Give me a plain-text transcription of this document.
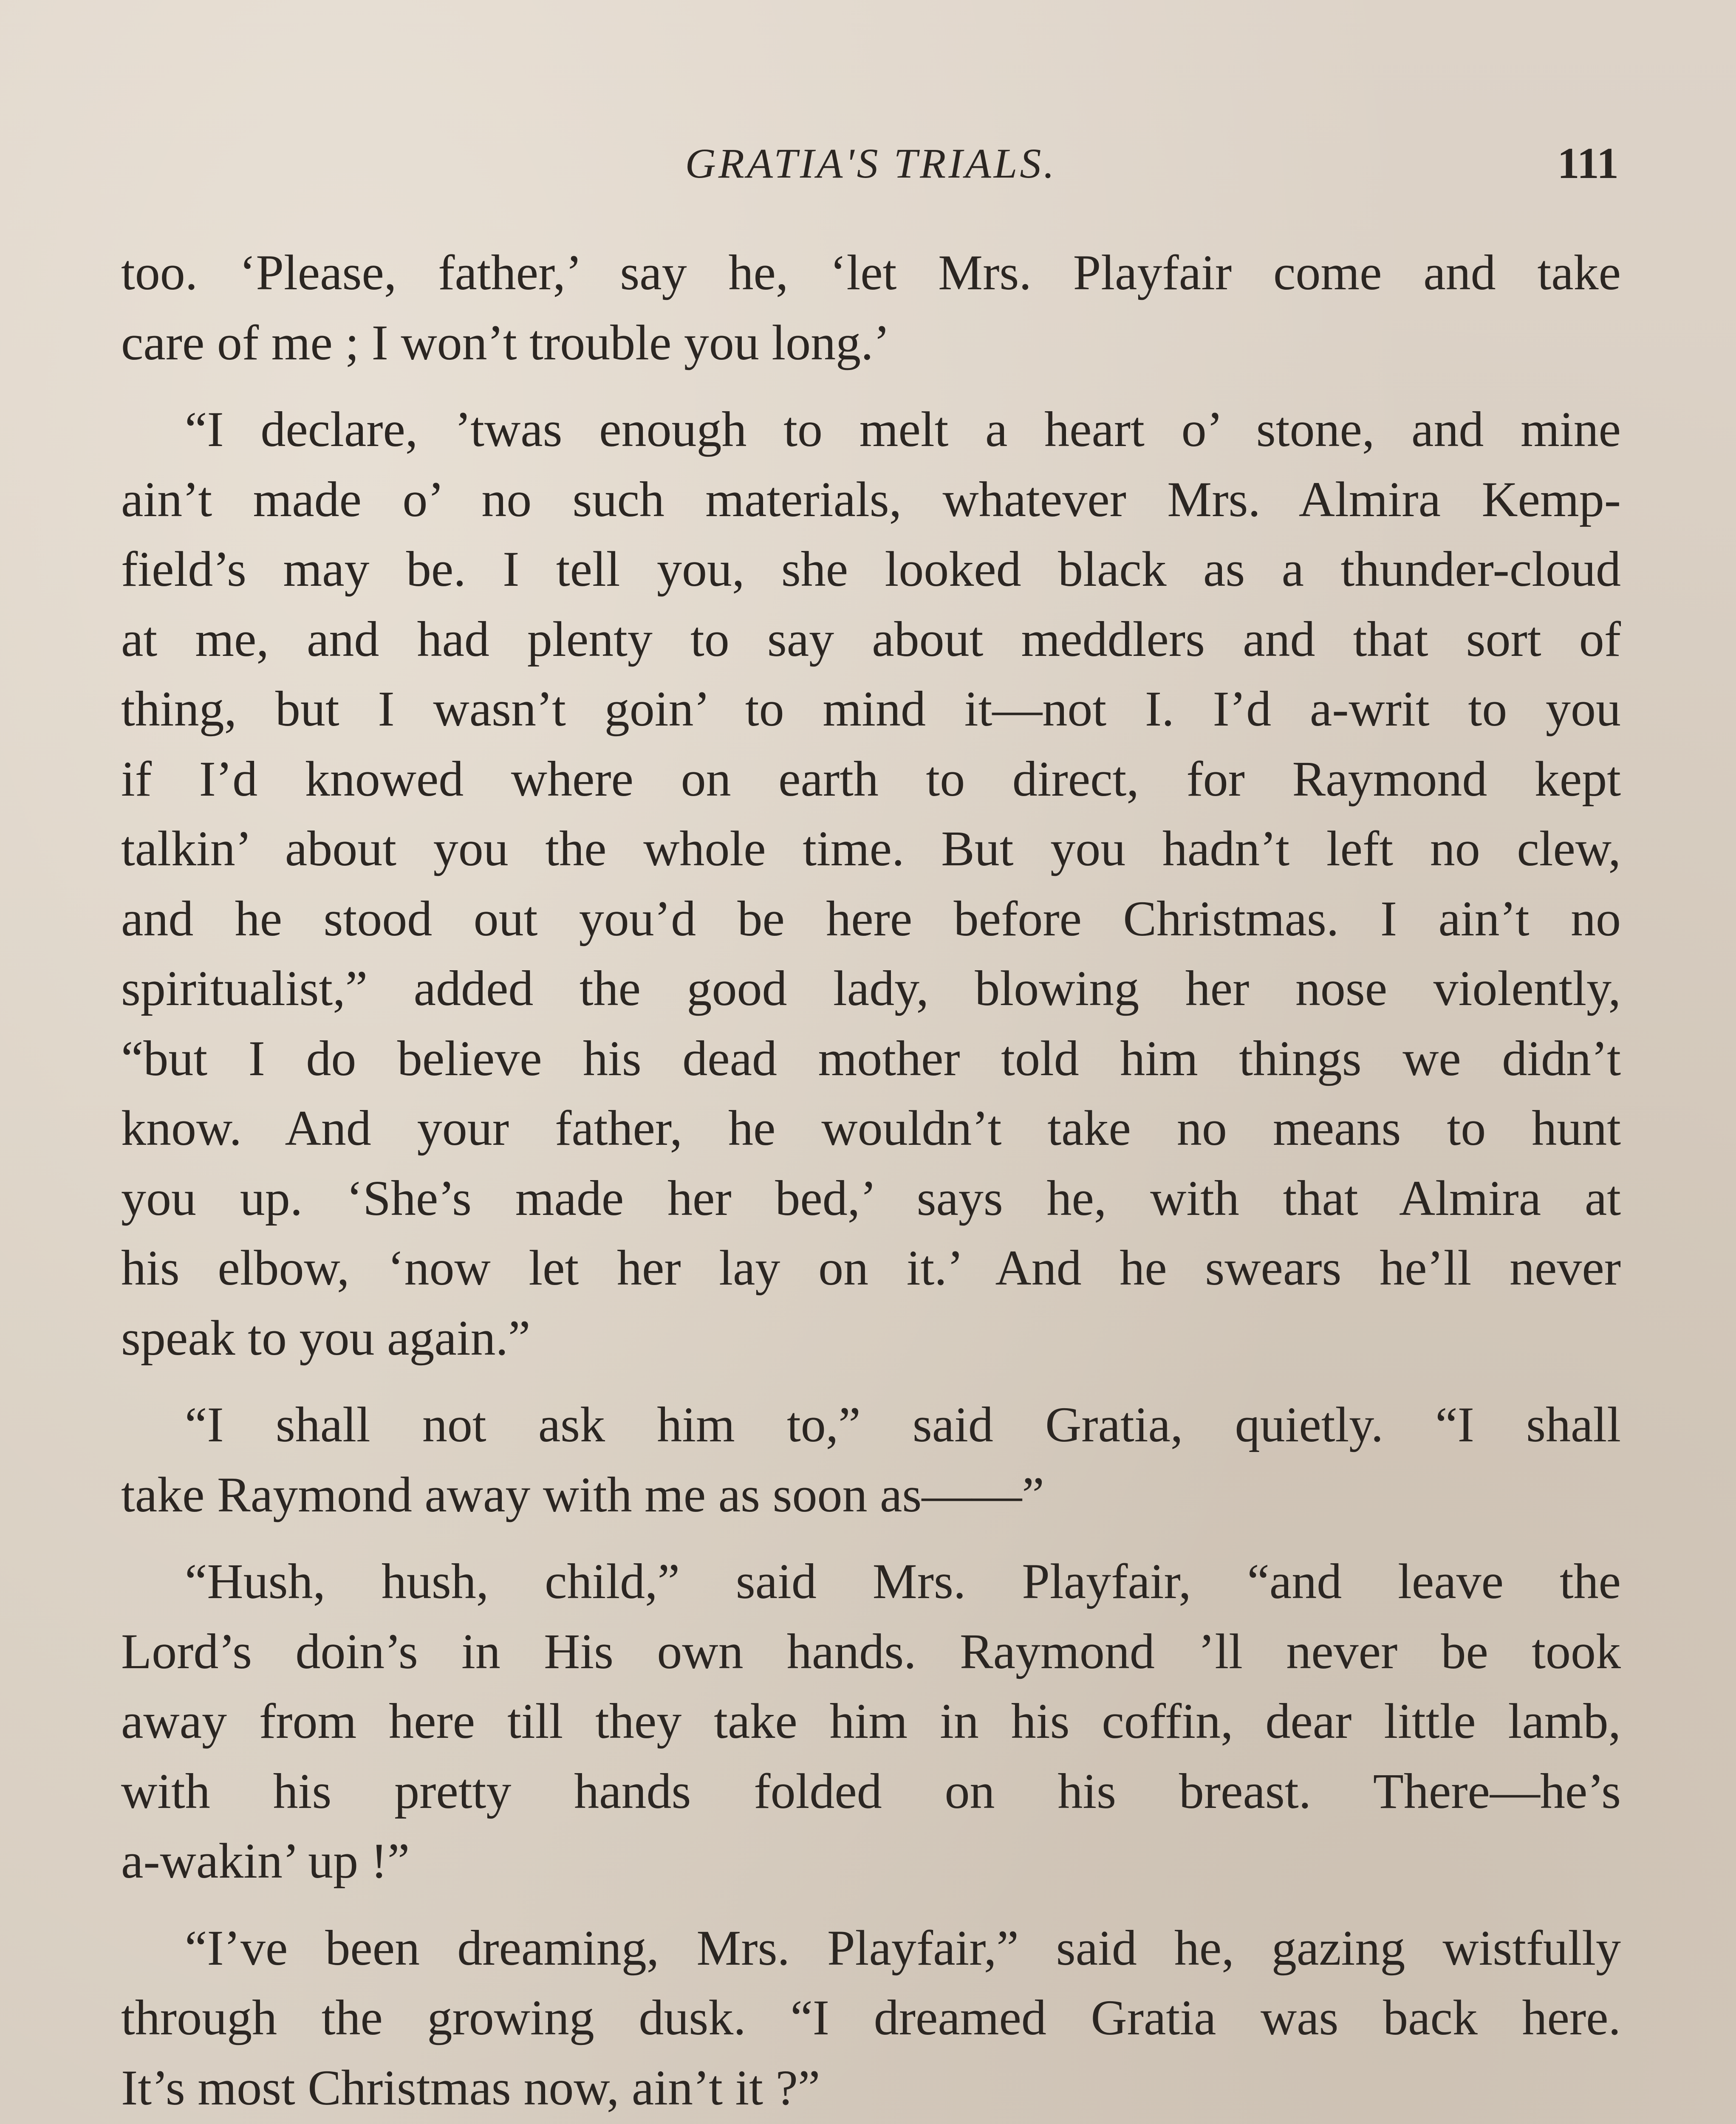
GRATIA'S TRIALS.	111
too. ‘Please, father,’ say he, ‘let Mrs. Playfair come and take
care of me ; I won’t trouble you long.’
“I declare, ’twas enough to melt a heart o’ stone, and mine
ain’t made o’ no such materials, whatever Mrs. Almira Kemp-
field’s may be. I tell you, she looked black as a thunder-cloud
at me, and had plenty to say about meddlers and that sort of
thing, but I wasn’t goin’ to mind it—not I. I’d a-writ to you
if I’d knowed where on earth to direct, for Raymond kept
talkin’ about you the whole time. But you hadn’t left no clew,
and he stood out you’d be here before Christmas. I ain’t no
spiritualist,” added the good lady, blowing her nose violently,
“but I do believe his dead mother told him things we didn’t
know. And your father, he wouldn’t take no means to hunt
you up. ‘She’s made her bed,’ says he, with that Almira at
his elbow, ‘now let her lay on it.’ And he swears he’ll never
speak to you again.”
“I shall not ask him to,” said Gratia, quietly. “I shall
take Raymond away with me as soon as——”
“Hush, hush, child,” said Mrs. Playfair, “and leave the
Lord’s doin’s in His own hands. Raymond ’ll never be took
away from here till they take him in his coffin, dear little lamb,
with his pretty hands folded on his breast. There—he’s
a-wakin’ up !”
“I’ve been dreaming, Mrs. Playfair,” said he, gazing wistfully
through the growing dusk. “I dreamed Gratia was back here.
It’s most Christmas now, ain’t it ?”
